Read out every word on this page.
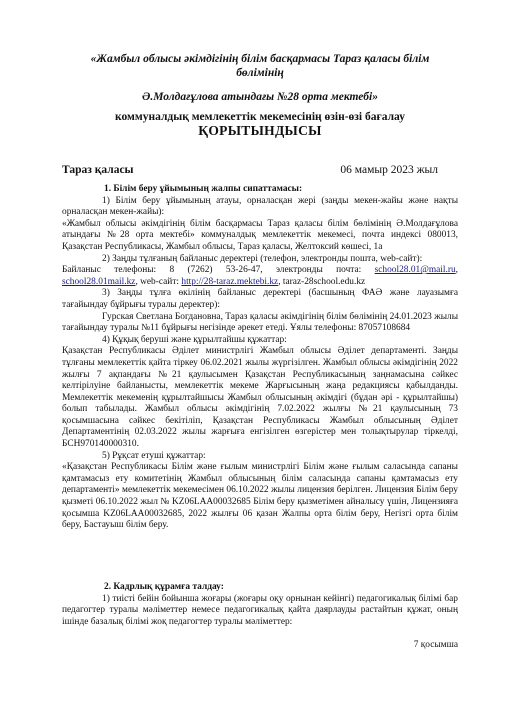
«Жамбыл облысы әкімдігінің білім басқармасы Тараз қаласы білім бөлімінің
Ә.Молдағұлова атындағы №28 орта мектебі»
коммуналдық мемлекеттік мекемесінің өзін-өзі бағалау
ҚОРЫТЫНДЫСЫ
Тараз қаласы	06 мамыр 2023 жыл
1. Білім беру ұйымының жалпы сипаттамасы:
1) Білім беру ұйымының атауы, орналасқан жері (заңды мекен-жайы және нақты орналасқан мекен-жайы):
«Жамбыл облысы әкімдігінің білім басқармасы Тараз қаласы білім бөлімінің Ә.Молдағұлова атындағы №28 орта мектебі» коммуналдық мемлекеттік мекемесі, почта индексі 080013, Қазақстан Республикасы, Жамбыл облысы, Тараз қаласы, Желтоксий көшесі, 1а
2) Заңды тұлғаның байланыс деректері (телефон, электронды пошта, web-сайт):
Байланыс телефоны: 8 (7262) 53-26-47, электронды почта: school28.01@mail.ru, school28.01mail.kz, web-сайт: http://28-taraz.mektebi.kz, taraz-28school.edu.kz
3) Заңды тұлға өкілінің байланыс деректері (басшының ФАӘ және лауазымға тағайындау бұйрығы туралы деректер):
Гурская Светлана Богдановна, Тараз қаласы әкімдігінің білім бөлімінің 24.01.2023 жылы тағайындау туралы №11 бұйрығы негізінде әрекет етеді. Ұялы телефоны: 87057108684
4) Құқық беруші және құрылтайшы құжаттар:
Қазақстан Республикасы Әділет министрлігі Жамбыл облысы Әділет департаменті. Заңды тұлғаны мемлекеттік қайта тіркеу 06.02.2021 жылы жүргізілген. Жамбыл облысы әкімдігінің 2022 жылғы 7 ақпандағы №21 қаулысымен Қазақстан Республикасының заңнамасына сәйкес келтірілуіне байланысты, мемлекеттік мекеме Жарғысының жаңа редакциясы қабылданды. Мемлекеттік мекеменің құрылтайшысы Жамбыл облысының әкімдігі (бұдан әрі - құрылтайшы) болып табылады. Жамбыл облысы әкімдігінің 7.02.2022 жылғы №21 қаулысының 73 қосымшасына сәйкес бекітіліп, Қазақстан Республикасы Жамбыл облысының Әділет Департаментінің 02.03.2022 жылы жарғыға енгізілген өзгерістер мен толықтырулар тіркелді, БСН970140000310.
5) Рұқсат етуші құжаттар:
«Қазақстан Республикасы Білім және ғылым министрлігі Білім және ғылым саласында сапаны қамтамасыз ету комитетінің Жамбыл облысының білім саласында сапаны қамтамасыз ету департаменті» мемлекеттік мекемесімен 06.10.2022 жылы лицензия берілген. Лицензия Білім беру қызметі 06.10.2022 жыл № KZ06LAA00032685 Білім беру қызметімен айналысу үшін, Лицензияға қосымша KZ06LAA00032685, 2022 жылғы 06 қазан Жалпы орта білім беру, Негізгі орта білім беру, Бастауыш білім беру.
2. Кадрлық құрамға талдау:
1) тиісті бейін бойынша жоғары (жоғары оқу орнынан кейінгі) педагогикалық білімі бар педагогтер туралы мәліметтер немесе педагогикалық қайта даярлауды растайтын құжат, оның ішінде базалық білімі жоқ педагогтер туралы мәліметтер:
7 қосымша
